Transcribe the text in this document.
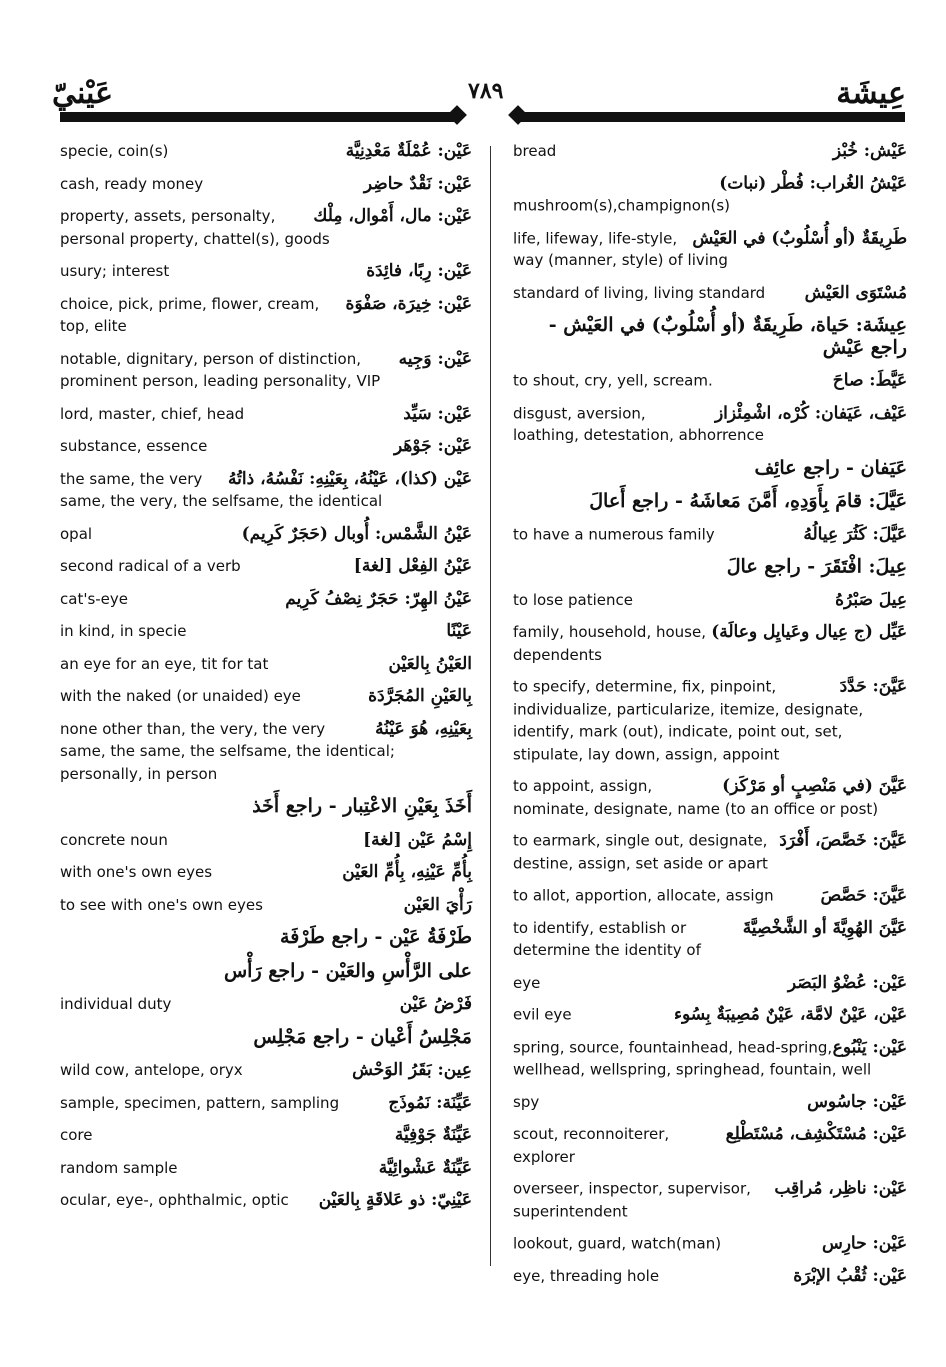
عَيْنيّ	٧٨٩	عِيشَة
عَيْن: عُمْلَةٌ مَعْدِنِيَّة
specie, coin(s)
عَيْن: نَقْدٌ حاضِر
cash, ready money
عَيْن: مال، أَمْوال، مِلْك
property, assets, personalty, personal property, chattel(s), goods
عَيْن: رِبًا، فائِدَة
usury; interest
عَيْن: خِيرَة، صَفْوَة
choice, pick, prime, flower, cream, top, elite
عَيْن: وَجِيه
notable, dignitary, person of distinction, prominent person, leading personality, VIP
عَيْن: سَيِّد
lord, master, chief, head
عَيْن: جَوْهَر
substance, essence
عَيْن (كذا)، عَيْنُهُ، بِعَيْنِهِ: نَفْسُهُ، ذاتُهُ
the same, the very same, the very, the selfsame, the identical
عَيْنُ الشَّمْس: أُوبال (حَجَرٌ كَرِيم)
opal
عَيْنُ الفِعْل [لغة]
second radical of a verb
عَيْنُ الهِرّ: حَجَرٌ نِصْفُ كَرِيم
cat's-eye
عَيْنًا
in kind, in specie
العَيْنُ بِالعَيْن
an eye for an eye, tit for tat
بِالعَيْنِ المُجَرَّدَة
with the naked (or unaided) eye
بِعَيْنِهِ، هُوَ عَيْنُهُ
none other than, the very, the very same, the same, the selfsame, the identical; personally, in person
أَخَذَ بِعَيْنِ الاعْتِبار - راجع أَخَذ
إِسْمُ عَيْن [لغة]
concrete noun
بِأُمِّ عَيْنِهِ، بِأُمِّ العَيْن
with one's own eyes
رَأْيَ العَيْن
to see with one's own eyes
طَرْفَةُ عَيْن - راجع طَرْفَة
على الرَّأْسِ والعَيْن - راجع رَأْس
فَرْضُ عَيْن
individual duty
مَجْلِسُ أَعْيان - راجع مَجْلِس
عِين: بَقَرُ الوَحْش
wild cow, antelope, oryx
عَيِّنَة: نَمُوذَج
sample, specimen, pattern, sampling
عَيِّنَةٌ جَوْفِيَّة
core
عَيِّنَةٌ عَشْوائِيَّة
random sample
عَيْنِيّ: ذو عَلاقَةٍ بِالعَيْن
ocular, eye-, ophthalmic, optic
عَيْش: خُبْز
bread
عَيْشُ الغُراب: فُطْر (نبات)
mushroom(s),champignon(s)
طَرِيقَةٌ (أو أُسْلُوبٌ) في العَيْش
life, lifeway, life-style, way (manner, style) of living
مُسْتَوَى العَيْش
standard of living, living standard
عِيشَة: حَياة، طَرِيقَةٌ (أو أُسْلُوبٌ) في العَيْش - راجع عَيْش
عَيَّطَ: صاحَ
to shout, cry, yell, scream.
عَيْف، عَيَفان: كُرْه، اشْمِئْزاز
disgust, aversion, loathing, detestation, abhorrence
عَيَفان - راجع عائِف
عَيَّلَ: قامَ بِأَوَدِهِ، أَمَّنَ مَعاشَهُ - راجع أَعالَ
عَيَّلَ: كَثُرَ عِيالُهُ
to have a numerous family
عِيلَ: افْتَقَرَ - راجع عالَ
عِيلَ صَبْرُهُ
to lose patience
عَيِّل (ج عِيال وعَيايِل وعالَة)
family, household, house, dependents
عَيَّنَ: حَدَّدَ
to specify, determine, fix, pinpoint, individualize, particularize, itemize, designate, identify, mark (out), indicate, point out, set, stipulate, lay down, assign, appoint
عَيَّنَ (في مَنْصِبٍ أو مَرْكَز)
to appoint, assign, nominate, designate, name (to an office or post)
عَيَّنَ: خَصَّصَ، أَفْرَدَ
to earmark, single out, designate, destine, assign, set aside or apart
عَيَّنَ: حَصَّصَ
to allot, apportion, allocate, assign
عَيَّنَ الهُوِيَّةَ أو الشَّخْصِيَّةَ
to identify, establish or determine the identity of
عَيْن: عُضْوُ البَصَر
eye
عَيْن، عَيْنٌ لامَّة، عَيْنٌ مُصِيبَةٌ بِسُوء
evil eye
عَيْن: يَنْبُوع
spring, source, fountainhead, head-spring, wellhead, wellspring, springhead, fountain, well
عَيْن: جاسُوس
spy
عَيْن: مُسْتَكْشِف، مُسْتَطْلِع
scout, reconnoiterer, explorer
عَيْن: ناظِر، مُراقِب
overseer, inspector, supervisor, superintendent
عَيْن: حارِس
lookout, guard, watch(man)
عَيْن: ثُقْبُ الإبْرَة
eye, threading hole
